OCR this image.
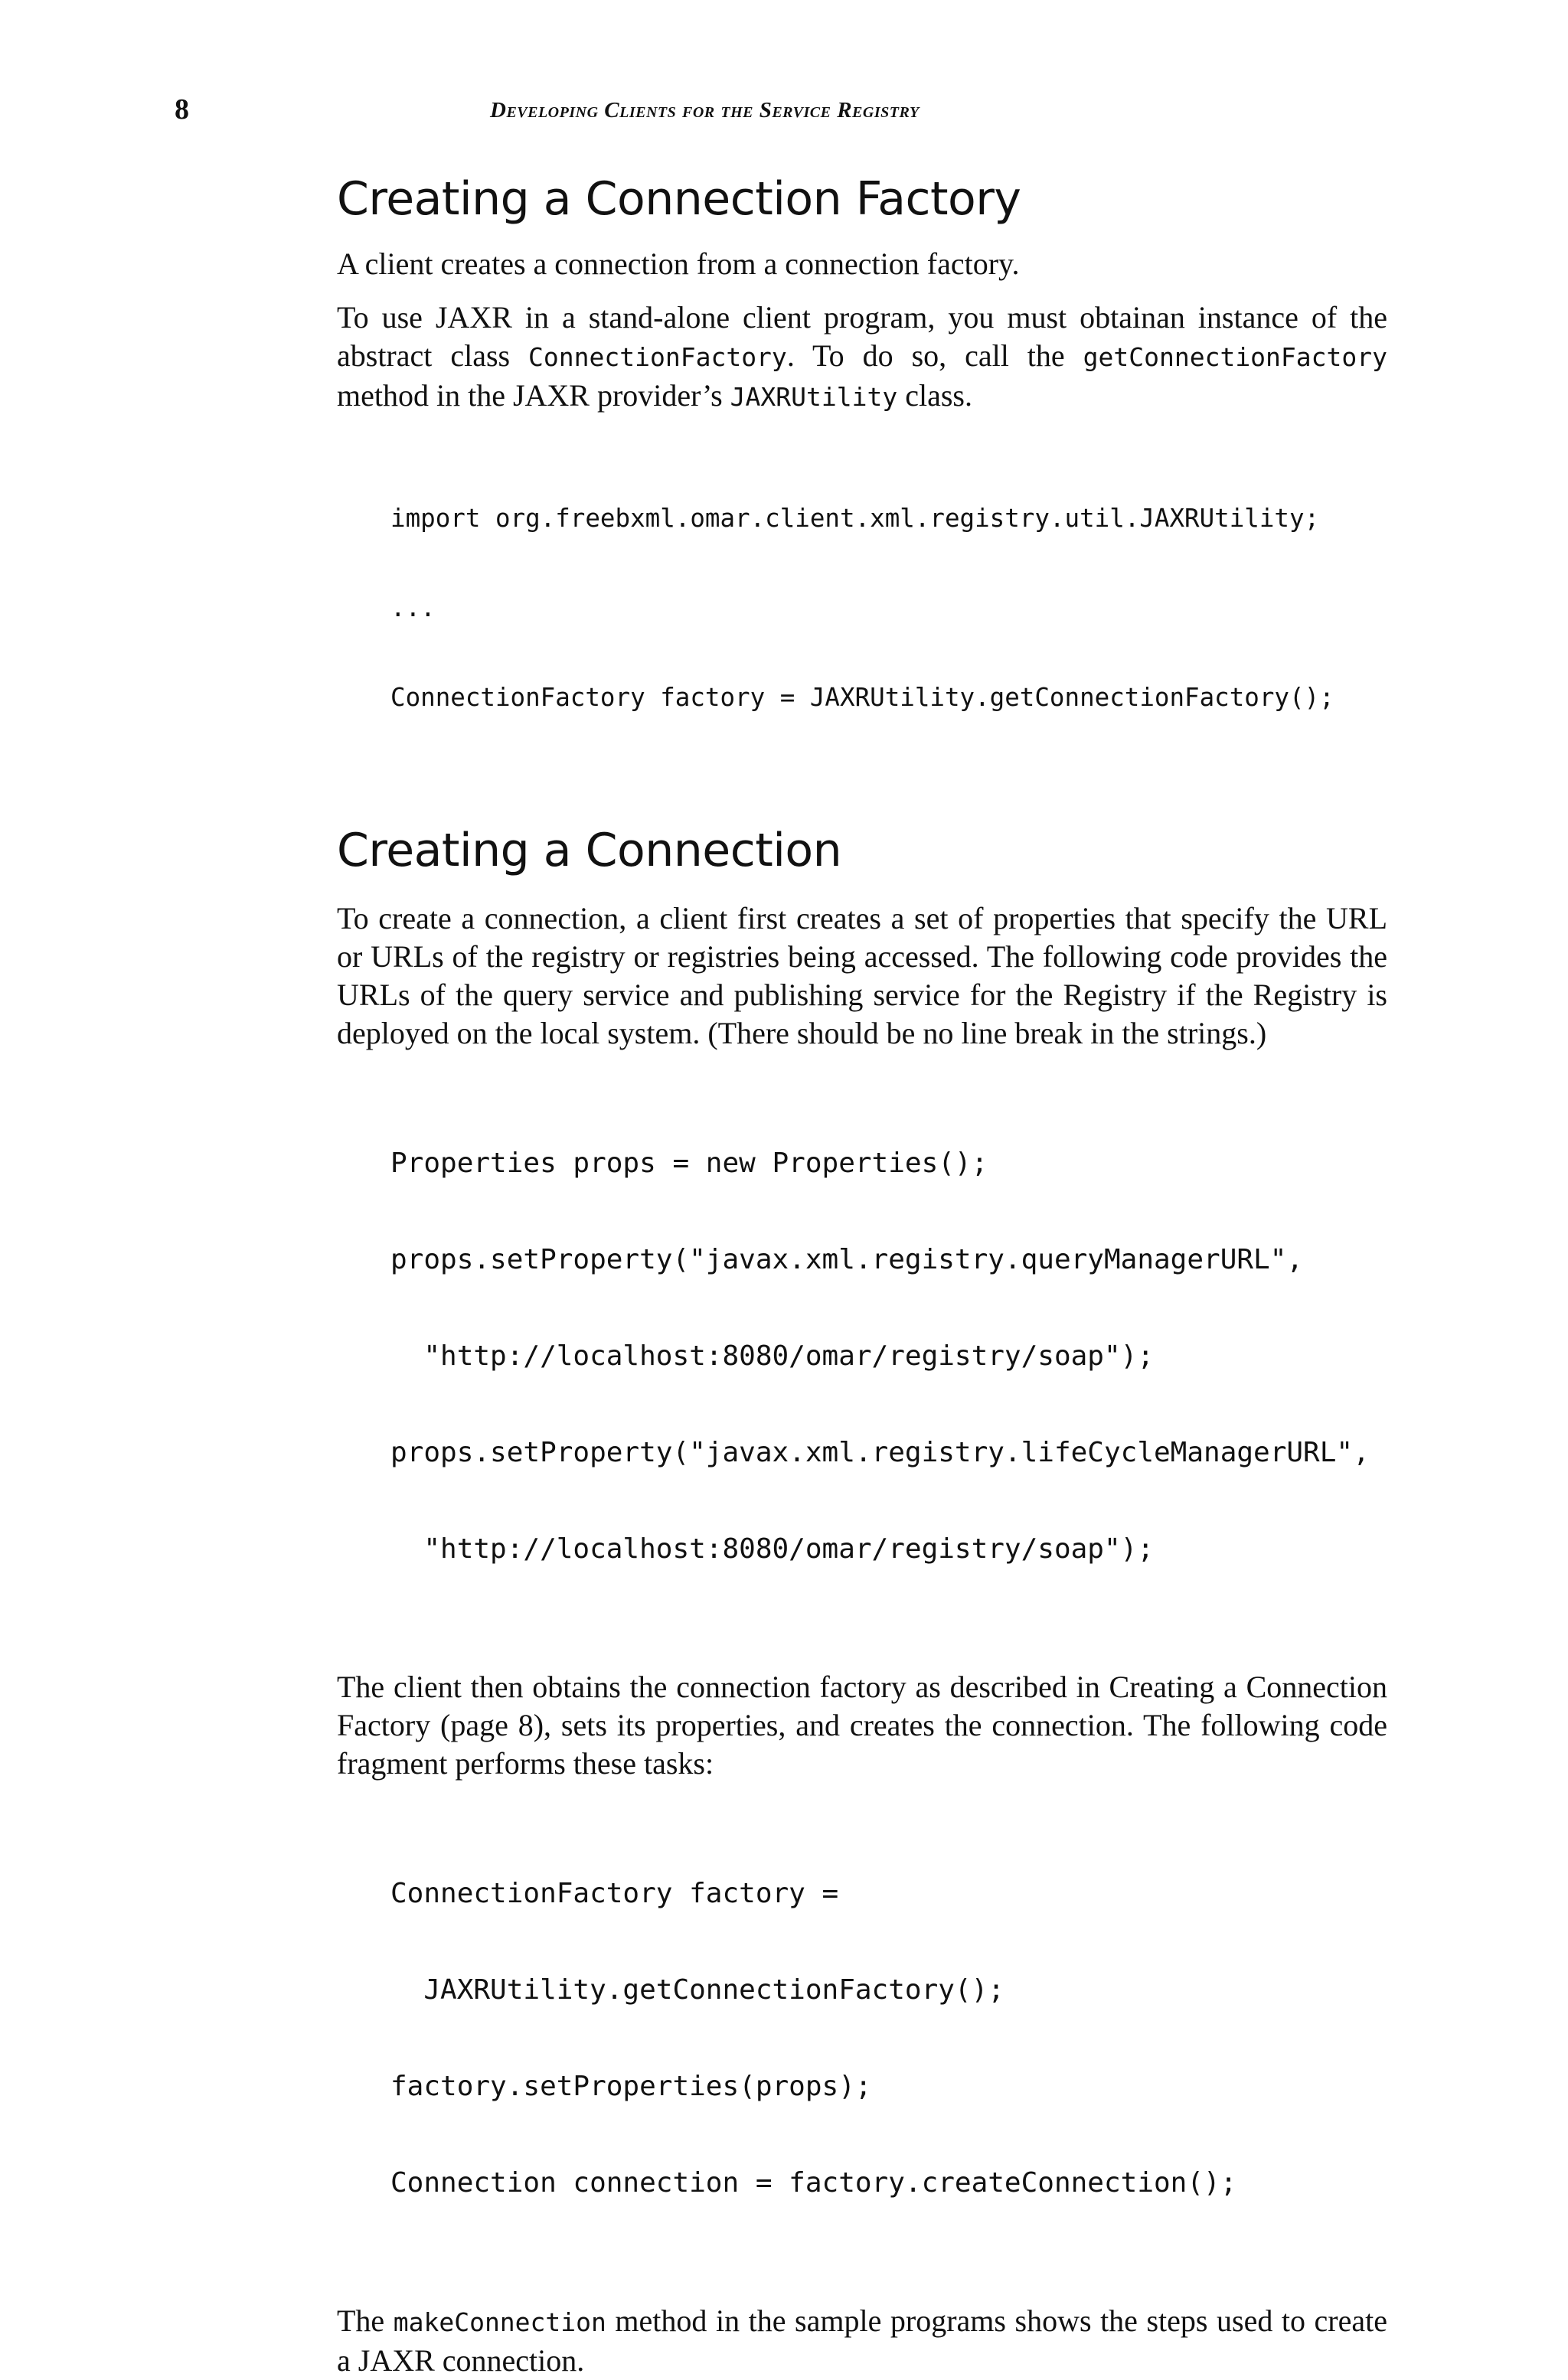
8	Developing Clients for the Service Registry
Creating a Connection Factory

A client creates a connection from a connection factory.

To use JAXR in a stand-alone client program, you must obtainan instance of the abstract class ConnectionFactory. To do so, call the getConnectionFactory method in the JAXR provider’s JAXRUtility class.

import org.freebxml.omar.client.xml.registry.util.JAXRUtility;

...

ConnectionFactory factory = JAXRUtility.getConnectionFactory();

Creating a Connection

To create a connection, a client first creates a set of properties that specify the URL or URLs of the registry or registries being accessed. The following code provides the URLs of the query service and publishing service for the Registry if the Registry is deployed on the local system. (There should be no line break in the strings.)

Properties props = new Properties();

props.setProperty("javax.xml.registry.queryManagerURL",

"http://localhost:8080/omar/registry/soap");

props.setProperty("javax.xml.registry.lifeCycleManagerURL",

"http://localhost:8080/omar/registry/soap");

The client then obtains the connection factory as described in Creating a Connection Factory (page 8), sets its properties, and creates the connection. The following code fragment performs these tasks:

ConnectionFactory factory =

JAXRUtility.getConnectionFactory();

factory.setProperties(props);

Connection connection = factory.createConnection();

The makeConnection method in the sample programs shows the steps used to create a JAXR connection.
